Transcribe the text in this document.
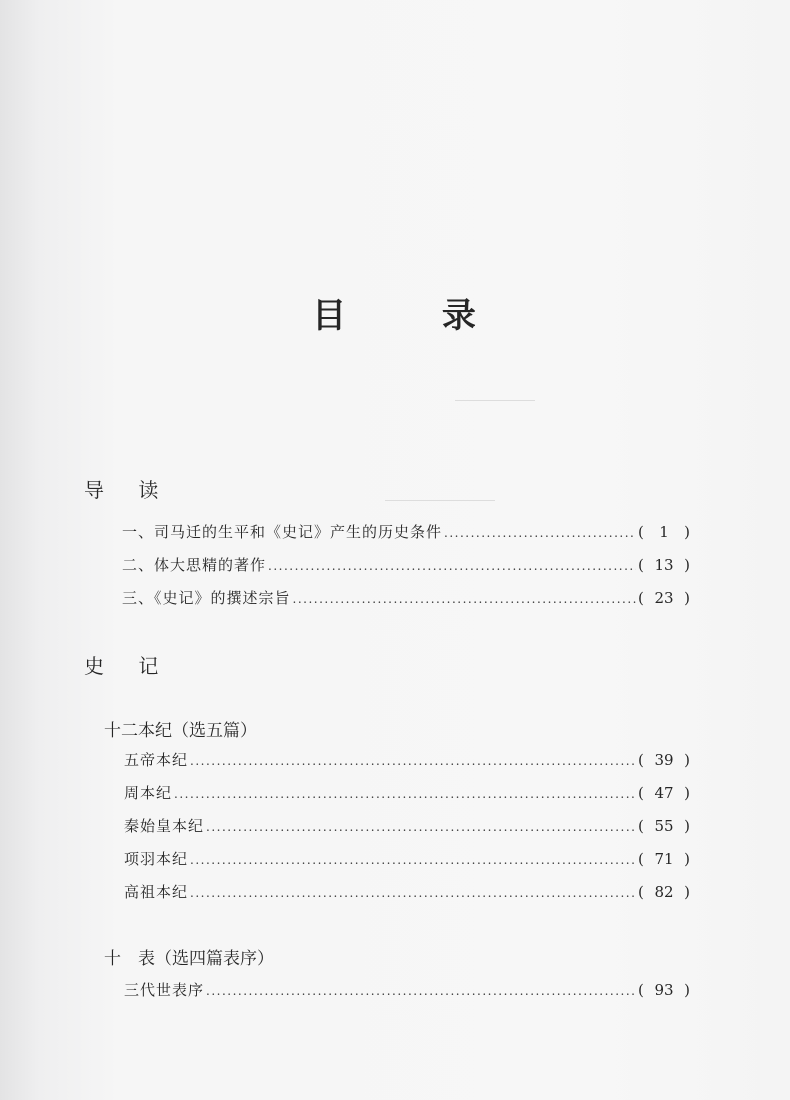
目 录
导 读
一、司马迁的生平和《史记》产生的历史条件 .....	( 1 )
二、体大思精的著作 .....	( 13 )
三、《史记》的撰述宗旨 .....	( 23 )
史 记
十二本纪（选五篇）
五帝本纪 .....	( 39 )
周本纪 .....	( 47 )
秦始皇本纪 .....	( 55 )
项羽本纪 .....	( 71 )
高祖本纪 .....	( 82 )
十　表（选四篇表序）
三代世表序 .....	( 93 )
